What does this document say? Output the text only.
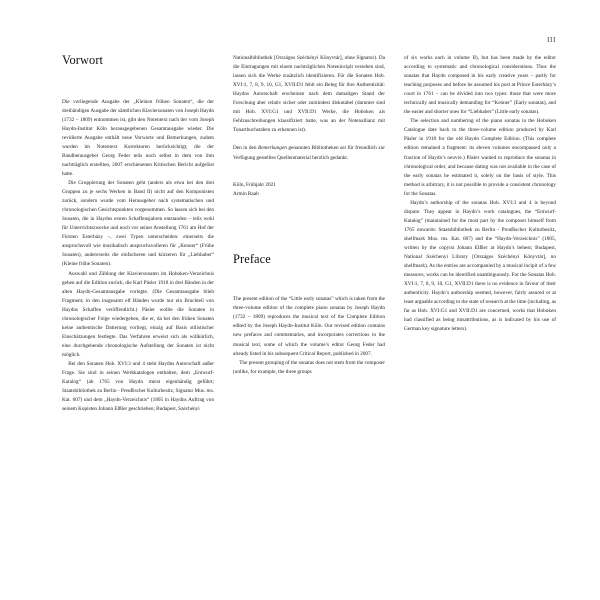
III
Vorwort

Die vorliegende Ausgabe der „Kleinen frühen Sonaten“, die der dreibändigen Ausgabe der sämtlichen Klaviersonaten von Joseph Haydn (1732 – 1809) entnommen ist, gibt den Notentext nach der vom Joseph Haydn-Institut Köln herausgegebenen Gesamtausgabe wieder. Die revidierte Ausgabe enthält neue Vorworte und Bemerkungen, zudem wurden im Notentext Korrekturen berücksichtigt, die der Bandherausgeber Georg Feder teils noch selbst in dem von ihm nachträglich erstellten, 2007 erschienenen Kritischen Bericht aufgelöst hatte.

Die Gruppierung der Sonaten geht (anders als etwa bei den drei Gruppen zu je sechs Werken in Band II) nicht auf den Komponisten zurück, sondern wurde vom Herausgeber nach systematischen und chronologischen Gesichtspunkten vorgenommen. So lassen sich bei den Sonaten, die in Haydns ersten Schaffensjahren entstanden – teils wohl für Unterrichtszwecke und noch vor seiner Anstellung 1761 am Hof der Fürsten Esterházy –, zwei Typen unterscheiden: einerseits die anspruchsvoll wie musikalisch anspruchsvolleren für „Kenner“ (Frühe Sonaten), andererseits die einfacheren und kürzeren für „Liebhaber“ (Kleine frühe Sonaten).

Auswahl und Zählung der Klaviersonaten im Hoboken-Verzeichnis gehen auf die Edition zurück, die Karl Päsler 1918 in drei Bänden in der alten Haydn-Gesamtausgabe vorlegte. (Die Gesamtausgabe blieb Fragment; in den insgesamt elf Bänden wurde nur ein Bruchteil von Haydns Schaffen veröffentlicht.) Päsler wollte die Sonaten in chronologischer Folge wiedergeben, die er, da bei den frühen Sonaten keine authentische Datierung vorliegt, einzig auf Basis stilistischer Einschätzungen festlegte. Das Verfahren erweist sich als willkürlich, eine durchgehende chronologische Aufstellung der Sonaten ist nicht möglich.

Bei den Sonaten Hob. XVI:3 und 4 steht Haydns Autorschaft außer Frage. Sie sind in seinen Werkkatalogen enthalten, dem „Entwurf-Katalog“ (ab 1765 von Haydn meist eigenhändig geführt; Staatsbibliothek zu Berlin - Preußischer Kulturbesitz, Signatur Mus. ms. Kat. 607) und dem „Haydn-Verzeichnis“ (1805 in Haydns Auftrag von seinem Kopisten Johann Elßler geschrieben; Budapest, Széchényi

Nationalbibliothek [Országos Széchényi Könyvtár], ohne Signatur). Da die Eintragungen mit einem nachträglichen Notenincipit versehen sind, lassen sich die Werke zusätzlich identifizieren. Für die Sonaten Hob. XVI:1, 7, 8, 9, 10, G1, XVII:D1 fehlt ein Beleg für ihre Authentizität: Haydns Autorschaft erscheinen nach dem damaligen Stand der Forschung aber relativ sicher oder zumindest diskutabel (darunter sind mit Hob. XVI:G1 und XVII:D1 Werke, die Hoboken als Fehlzuschreibungen klassifiziert hatte, was an der Notenallianz mit Tonartbuchstaben zu erkennen ist).

Den in den Bemerkungen genannten Bibliotheken sei für freundlich zur Verfügung gestelltes Quellenmaterial herzlich gedankt.

Köln, Frühjahr 2021

Armin Raab

Preface

The present edition of the “Little early sonatas” which is taken from the three-volume edition of the complete piano sonatas by Joseph Haydn (1732 – 1809) reproduces the musical text of the Complete Edition edited by the Joseph Haydn-Institut Köln. Our revised edition contains new prefaces and commentaries, and incorporates corrections to the musical text, some of which the volume’s editor Georg Feder had already listed in his subsequent Critical Report, published in 2007.

The present grouping of the sonatas does not stem from the composer (unlike, for example, the three groups

of six works each in volume II), but has been made by the editor according to systematic and chronological considerations. Thus the sonatas that Haydn composed in his early creative years – partly for teaching purposes and before he assumed his post at Prince Esterházy’s court in 1761 – can be divided into two types: those that were more technically and musically demanding for “Kenner” (Early sonatas), and the easier and shorter ones for “Liebhaber” (Little early sonatas).

The selection and numbering of the piano sonatas in the Hoboken Catalogue date back to the three-volume edition produced by Karl Päsler in 1918 for the old Haydn Complete Edition. (This complete edition remained a fragment: its eleven volumes encompassed only a fraction of Haydn’s oeuvre.) Päsler wanted to reproduce the sonatas in chronological order, and because dating was not available in the case of the early sonatas he estimated it, solely on the basis of style. This method is arbitrary, it is not possible to provide a consistent chronology for the Sonatas.

Haydn’s authorship of the sonatas Hob. XVI:3 and 4 is beyond dispute. They appear in Haydn’s work catalogues, the “Entwurf-Katalog” (maintained for the most part by the composer himself from 1765 onwards: Staatsbibliothek zu Berlin - Preußischer Kulturbesitz, shelfmark Mus. ms. Kat. 607) and the “Haydn-Verzeichnis” (1805, written by the copyist Johann Elßler at Haydn’s behest; Budapest, National Széchenyi Library [Országos Széchényi Könyvtár], no shelfmark). As the entries are accompanied by a musical incipit of a few measures, works can be identified unambiguously. For the Sonatas Hob. XVI:1, 7, 8, 9, 10, G1, XVII:D1 there is no evidence in favour of their authenticity. Haydn’s authorship seemed, however, fairly assured or at least arguable according to the state of research at the time (including, as far as Hob. XVI:G1 and XVII:D1 are concerned, works that Hoboken had classified as being misattributions, as is indicated by his use of German key signature letters).
